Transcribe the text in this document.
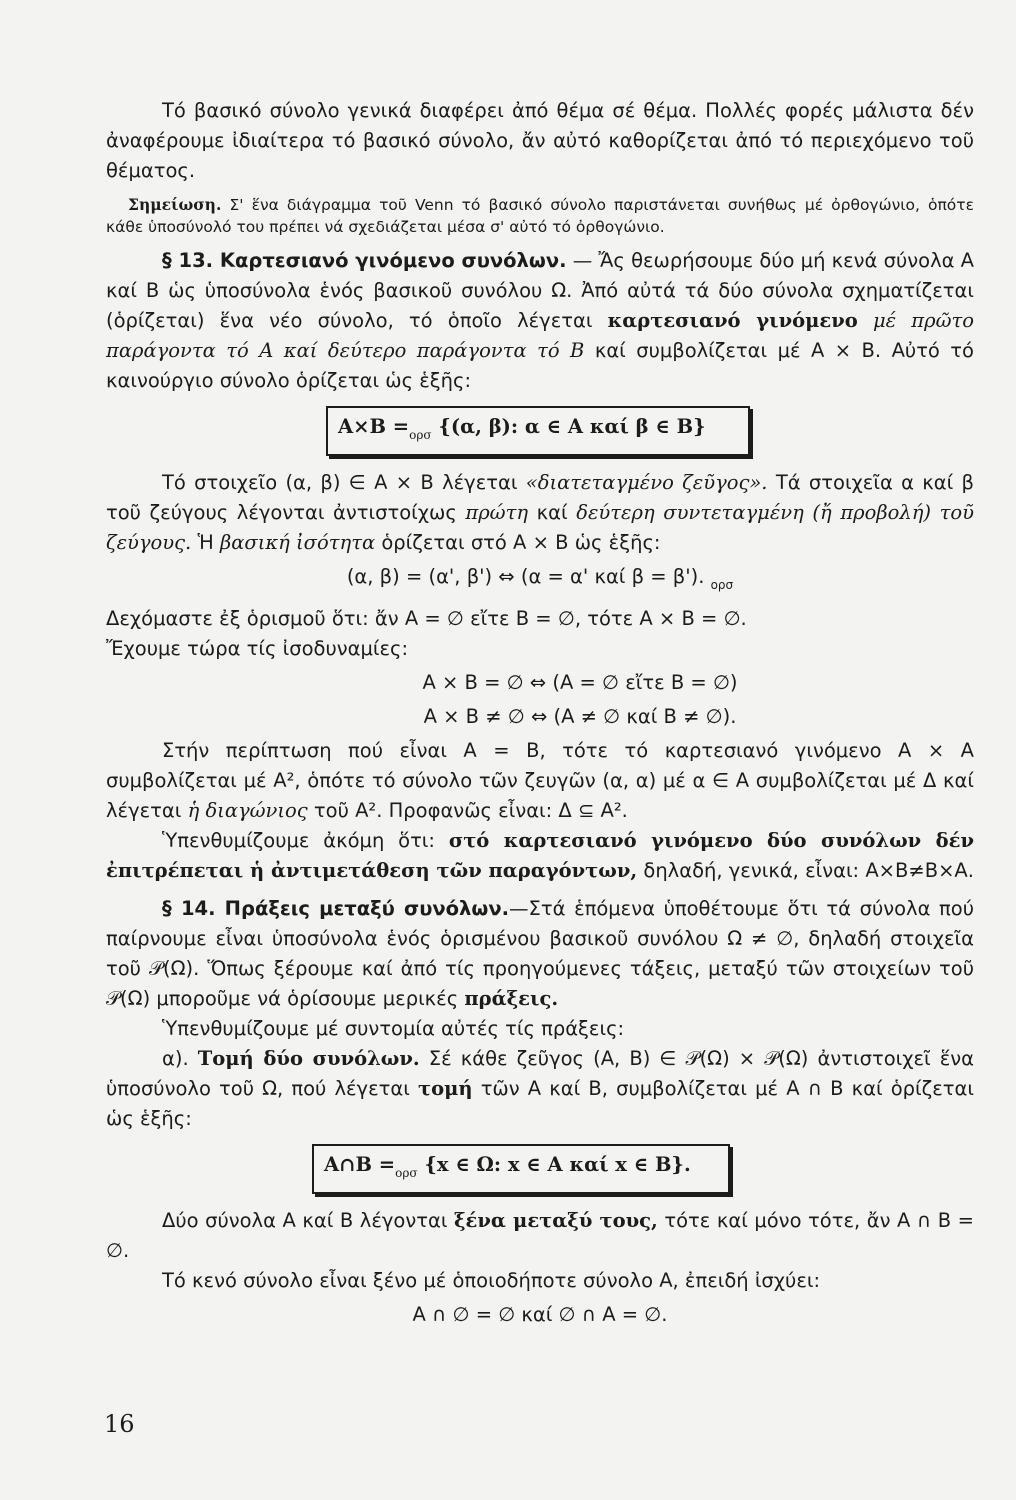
Τό βασικό σύνολο γενικά διαφέρει ἀπό θέμα σέ θέμα. Πολλές φορές μάλιστα δέν ἀναφέρουμε ἰδιαίτερα τό βασικό σύνολο, ἄν αὐτό καθορίζεται ἀπό τό περιεχόμενο τοῦ θέματος.

Σημείωση. Σ' ἕνα διάγραμμα τοῦ Venn τό βασικό σύνολο παριστάνεται συνήθως μέ ὀρθογώνιο, ὁπότε κάθε ὑποσύνολό του πρέπει νά σχεδιάζεται μέσα σ' αὐτό τό ὀρθογώνιο.

§ 13. Καρτεσιανό γινόμενο συνόλων. — Ἄς θεωρήσουμε δύο μή κενά σύνολα Α καί Β ὡς ὑποσύνολα ἑνός βασικοῦ συνόλου Ω. Ἀπό αὐτά τά δύο σύνολα σχηματίζεται (ὁρίζεται) ἕνα νέο σύνολο, τό ὁποῖο λέγεται καρτεσιανό γινόμενο μέ πρῶτο παράγοντα τό Α καί δεύτερο παράγοντα τό Β καί συμβολίζεται μέ Α × Β. Αὐτό τό καινούργιο σύνολο ὁρίζεται ὡς ἑξῆς:

$A\times B =_{o\rho\sigma}$ {(α, β): α ∈ Α καί β ∈ Β}

Τό στοιχεῖο (α, β) ∈ Α × Β λέγεται «διατεταγμένο ζεῦγος». Τά στοιχεῖα α καί β τοῦ ζεύγους λέγονται ἀντιστοίχως πρώτη καί δεύτερη συντεταγμένη (ἤ προβολή) τοῦ ζεύγους. Ἡ βασική ἰσότητα ὁρίζεται στό Α × Β ὡς ἑξῆς:

(α, β) = (α', β') ⇔ (α = α' καί β = β'). $_{o\rho\sigma}$

Δεχόμαστε ἐξ ὁρισμοῦ ὅτι: ἄν Α = ∅ εἴτε Β = ∅, τότε Α × Β = ∅.

Ἔχουμε τώρα τίς ἰσοδυναμίες:

Α × Β = ∅ ⇔ (Α = ∅ εἴτε Β = ∅)

Α × Β ≠ ∅ ⇔ (Α ≠ ∅ καί Β ≠ ∅).

Στήν περίπτωση πού εἶναι Α = Β, τότε τό καρτεσιανό γινόμενο Α × Α συμβολίζεται μέ Α², ὁπότε τό σύνολο τῶν ζευγῶν (α, α) μέ α ∈ Α συμβολίζεται μέ Δ καί λέγεται ἡ διαγώνιος τοῦ Α². Προφανῶς εἶναι: Δ ⊆ Α².

Ὑπενθυμίζουμε ἀκόμη ὅτι: στό καρτεσιανό γινόμενο δύο συνόλων δέν ἐπιτρέπεται ἡ ἀντιμετάθεση τῶν παραγόντων, δηλαδή, γενικά, εἶναι: Α×Β≠Β×Α.

§ 14. Πράξεις μεταξύ συνόλων.—Στά ἑπόμενα ὑποθέτουμε ὅτι τά σύνολα πού παίρνουμε εἶναι ὑποσύνολα ἑνός ὁρισμένου βασικοῦ συνόλου Ω ≠ ∅, δηλαδή στοιχεῖα τοῦ 𝒫(Ω). Ὅπως ξέρουμε καί ἀπό τίς προηγούμενες τάξεις, μεταξύ τῶν στοιχείων τοῦ 𝒫(Ω) μποροῦμε νά ὁρίσουμε μερικές πράξεις.

Ὑπενθυμίζουμε μέ συντομία αὐτές τίς πράξεις:

α). Τομή δύο συνόλων. Σέ κάθε ζεῦγος (Α, Β) ∈ 𝒫(Ω) × 𝒫(Ω) ἀντιστοιχεῖ ἕνα ὑποσύνολο τοῦ Ω, πού λέγεται τομή τῶν Α καί Β, συμβολίζεται μέ Α ∩ Β καί ὁρίζεται ὡς ἑξῆς:

Α∩Β $=_{o\rho\sigma}$ {x ∈ Ω: x ∈ Α καί x ∈ Β}.

Δύο σύνολα Α καί Β λέγονται ξένα μεταξύ τους, τότε καί μόνο τότε, ἄν Α ∩ Β = ∅.

Τό κενό σύνολο εἶναι ξένο μέ ὁποιοδήποτε σύνολο Α, ἐπειδή ἰσχύει:

Α ∩ ∅ = ∅ καί ∅ ∩ Α = ∅.

16
